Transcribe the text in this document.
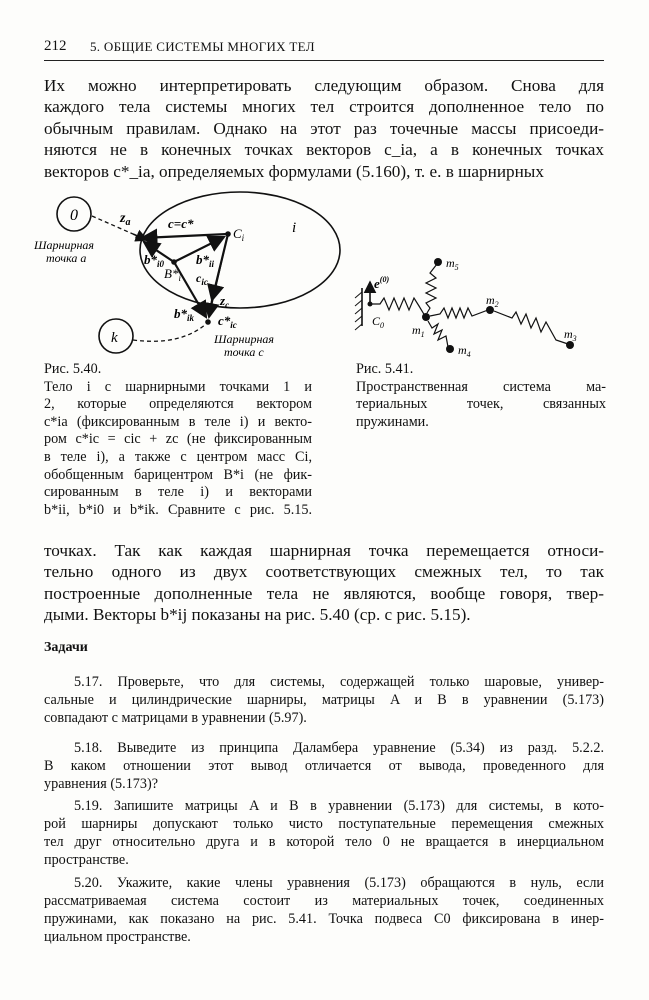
212 5. ОБЩИЕ СИСТЕМЫ МНОГИХ ТЕЛ
Их можно интерпретировать следующим образом. Снова для
каждого тела системы многих тел строится дополненное тело по
обычным правилам. Однако на этот раз точечные массы присоеди-
няются не в конечных точках векторов c_ia, а в конечных точках
векторов c*_ia, определяемых формулами (5.160), т. е. в шарнирных
0
k
i
$z_a$
Шарнирная
точка a
c=c*
$C_i$
$b*_{i0}$
$B*_i$
$b*_{ii}$
$c_{ic}$
$b*_{ik}$
$z_c$
$c*_{ic}$
Шарнирная
точка c
$e^{(0)}$
$C_0$ $m_1$
$m_5$
$m_2$
$m_3$
$m_4$
Рис. 5.40.
Тело i с шарнирными точками 1 и
2, которые определяются вектором
c*ia (фиксированным в теле i) и векто-
ром c*ic = cic + zc (не фиксированным
в теле i), а также с центром масс Ci,
обобщенным барицентром B*i (не фик-
сированным в теле i) и векторами
b*ii, b*i0 и b*ik. Сравните с рис. 5.15.
Рис. 5.41.
Пространственная система ма-
териальных точек, связанных
пружинами.
точках. Так как каждая шарнирная точка перемещается относи-
тельно одного из двух соответствующих смежных тел, то так
построенные дополненные тела не являются, вообще говоря, твер-
дыми. Векторы b*ij показаны на рис. 5.40 (ср. с рис. 5.15).
Задачи
5.17. Проверьте, что для системы, содержащей только шаровые, универ-
сальные и цилиндрические шарниры, матрицы A и B в уравнении (5.173)
совпадают с матрицами в уравнении (5.97).
5.18. Выведите из принципа Даламбера уравнение (5.34) из разд. 5.2.2.
В каком отношении этот вывод отличается от вывода, проведенного для
уравнения (5.173)?
5.19. Запишите матрицы A и B в уравнении (5.173) для системы, в кото-
рой шарниры допускают только чисто поступательные перемещения смежных
тел друг относительно друга и в которой тело 0 не вращается в инерциальном
пространстве.
5.20. Укажите, какие члены уравнения (5.173) обращаются в нуль, если
рассматриваемая система состоит из материальных точек, соединенных
пружинами, как показано на рис. 5.41. Точка подвеса C0 фиксирована в инер-
циальном пространстве.
